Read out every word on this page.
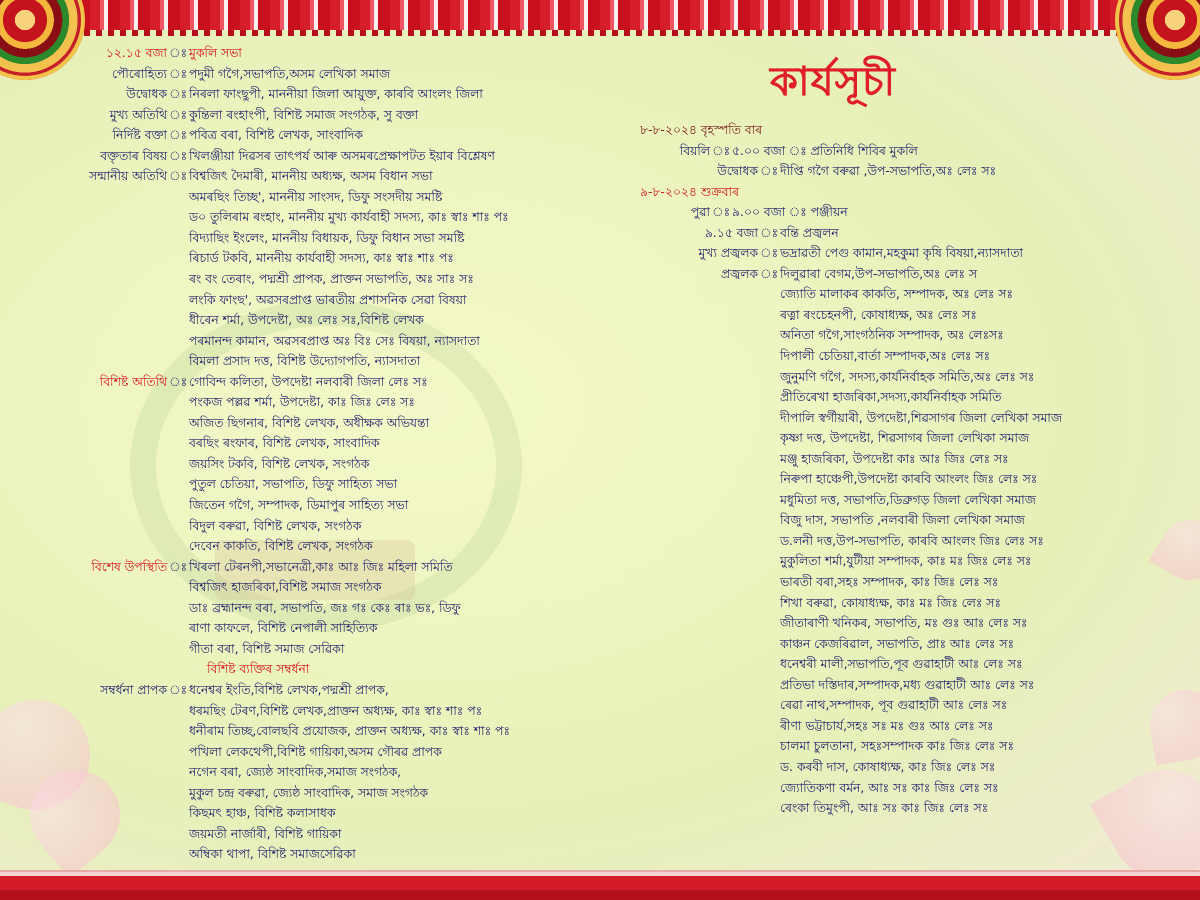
কাৰ্যসূচী
১২.১৫ বজা ঃ মুকলি সভা
পৌৰোহিত্য ঃ পদুমী গগৈ,সভাপতি,অসম লেখিকা সমাজ
উদ্বোধক ঃ নিৰলা ফাংছুপী, মাননীয়া জিলা আয়ুক্ত, কাৰবি আংলং জিলা
মুখ্য অতিথি ঃ কুন্তিলা ৰংহাংপী, বিশিষ্ট সমাজ সংগঠক, সু বক্তা
নিৰ্দিষ্ট বক্তা ঃ পবিত্ৰ বৰা, বিশিষ্ট লেখক, সাংবাদিক
বক্তৃতাৰ বিষয় ঃ খিলঞ্জীয়া দিৱসৰ তাৎপৰ্য আৰু অসমৰপ্ৰেক্ষাপটত ইয়াৰ বিশ্লেষণ
সন্মানীয় অতিথি ঃ বিশ্বজিৎ দৈমাৰী, মাননীয় অধ্যক্ষ, অসম বিধান সভা
অমৰছিং তিচ্ছ', মাননীয় সাংসদ, ডিফু সংসদীয় সমষ্টি
ড০ তুলিৰাম ৰংহাং, মাননীয় মুখ্য কাৰ্যবাহী সদস্য, কাঃ স্বাঃ শাঃ পঃ
বিদ্যাছিং ইংলেং, মাননীয় বিধায়ক, ডিফু বিধান সভা সমষ্টি
ৰিচাৰ্ড টকবি, মাননীয় কাৰ্যবাহী সদস্য, কাঃ স্বাঃ শাঃ পঃ
ৰং বং তেৰাং, পদ্মশ্ৰী প্ৰাপক, প্ৰাক্তন সভাপতি, অঃ সাঃ সঃ
লংকি ফাংছ', অৱসৰপ্ৰাপ্ত ভাৰতীয় প্ৰশাসনিক সেৱা বিষয়া
ধীৰেন শৰ্মা, উপদেষ্টা, অঃ লেঃ সঃ,বিশিষ্ট লেখক
পৰমানন্দ কামান, অৱসৰপ্ৰাপ্ত অঃ বিঃ সেঃ বিষয়া, ন্যাসদাতা
বিমলা প্ৰসাদ দত্ত, বিশিষ্ট উদ্যোগপতি, ন্যাসদাতা
বিশিষ্ট অতিথি ঃ গোবিন্দ কলিতা, উপদেষ্টা নলবাৰী জিলা লেঃ সঃ
পংকজ পল্লৱ শৰ্মা, উপদেষ্টা, কাঃ জিঃ লেঃ সঃ
অজিত ছিগনাৰ, বিশিষ্ট লেখক, অধীক্ষক অভিযন্তা
বৰছিং ৰংফাৰ, বিশিষ্ট লেখক, সাংবাদিক
জয়সিং টকবি, বিশিষ্ট লেখক, সংগঠক
পুতুল চেতিয়া, সভাপতি, ডিফু সাহিত্য সভা
জিতেন গগৈ, সম্পাদক, ডিমাপুৰ সাহিত্য সভা
বিদুল বৰুৱা, বিশিষ্ট লেখক, সংগঠক
দেবেন কাকতি, বিশিষ্ট লেখক, সংগঠক
বিশেষ উপস্থিতি ঃ খিৰলা টেৰনপী,সভানেত্ৰী,কাঃ আঃ জিঃ মহিলা সমিতি
বিশ্বজিৎ হাজৰিকা,বিশিষ্ট সমাজ সংগঠক
ডাঃ ব্ৰহ্মানন্দ বৰা, সভাপতি, জঃ গঃ কেঃ ৰাঃ ভঃ, ডিফু
ৰাণা কাফলে, বিশিষ্ট নেপালী সাহিত্যিক
গীতা বৰা, বিশিষ্ট সমাজ সেৱিকা
বিশিষ্ট ব্যক্তিৰ সম্বৰ্ধনা
সম্বৰ্ধনা প্ৰাপক ঃ ধনেশ্বৰ ইংতি,বিশিষ্ট লেখক,পদ্মশ্ৰী প্ৰাপক,
ধৰমছিং টেৰণ,বিশিষ্ট লেখক,প্ৰাক্তন অধ্যক্ষ, কাঃ স্বাঃ শাঃ পঃ
ধনীৰাম তিচ্ছ,বোলছবি প্ৰযোজক, প্ৰাক্তন অধ্যক্ষ, কাঃ স্বাঃ শাঃ পঃ
পখিলা লেকথেপী,বিশিষ্ট গায়িকা,অসম গৌৰৱ প্ৰাপক
নগেন বৰা, জ্যেষ্ঠ সাংবাদিক,সমাজ সংগঠক,
মুকুল চন্দ্ৰ বৰুৱা, জ্যেষ্ঠ সাংবাদিক, সমাজ সংগঠক
কিছমৎ হাঞ্চ, বিশিষ্ট কলাসাধক
জয়মতী নাৰ্জাৰী, বিশিষ্ট গায়িকা
অম্বিকা থাপা, বিশিষ্ট সমাজসেৱিকা
৮-৮-২০২৪ বৃহস্পতি বাৰ
বিয়লি ঃ ৫.০০ বজা ঃ প্ৰতিনিধি শিবিৰ মুকলি
উদ্বোধক ঃ দীপ্তি গগৈ বৰুৱা ,উপ-সভাপতি,অঃ লেঃ সঃ
৯-৮-২০২৪ শুক্ৰবাৰ
পুৱা ঃ ৯.০০ বজা ঃ পঞ্জীয়ন
৯.১৫ বজা ঃ বন্তি প্ৰজ্বলন
মুখ্য প্ৰজ্বলক ঃ ভদ্ৰাৱতী পেগু কামান,মহকুমা কৃষি বিষয়া,ন্যাসদাতা
প্ৰজ্বলক ঃ দিলুৱাৰা বেগম,উপ-সভাপতি,অঃ লেঃ স
জ্যোতি মালাকৰ কাকতি, সম্পাদক, অঃ লেঃ সঃ
ৰত্না ৰংচেহনপী, কোষাধ্যক্ষ, অঃ লেঃ সঃ
অনিতা গগৈ,সাংগঠনিক সম্পাদক, অঃ লেঃসঃ
দিপালী চেতিয়া,বাৰ্তা সম্পাদক,অঃ লেঃ সঃ
জুনুমণি গগৈ, সদস্য,কাৰ্যনিৰ্বাহক সমিতি,অঃ লেঃ সঃ
প্ৰীতিৰেখা হাজৰিকা,সদস্য,কাৰ্যনিৰ্বাহক সমিতি
দীপালি স্বৰ্গীয়াৰী, উপদেষ্টা,শিৱসাগৰ জিলা লেখিকা সমাজ
কৃষ্ণা দত্ত, উপদেষ্টা, শিৱসাগৰ জিলা লেখিকা সমাজ
মঞ্জু হাজৰিকা, উপদেষ্টা কাঃ আঃ জিঃ লেঃ সঃ
নিৰুপা হাঞ্চেপী,উপদেষ্টা কাৰবি আংলং জিঃ লেঃ সঃ
মধুমিতা দত্ত, সভাপতি,ডিব্ৰুগড় জিলা লেখিকা সমাজ
বিজু দাস, সভাপতি ,নলবাৰী জিলা লেখিকা সমাজ
ড.লনী দত্ত,উপ-সভাপতি, কাৰবি আংলং জিঃ লেঃ সঃ
মুকুলিতা শৰ্মা,যুটীয়া সম্পাদক, কাঃ মঃ জিঃ লেঃ সঃ
ভাৰতী বৰা,সহঃ সম্পাদক, কাঃ জিঃ লেঃ সঃ
শিখা বৰুৱা, কোষাধ্যক্ষ, কাঃ মঃ জিঃ লেঃ সঃ
জীতাৰাণী খনিকৰ, সভাপতি, মঃ গুঃ আঃ লেঃ সঃ
কাঞ্চন কেজৰিৱাল, সভাপতি, প্ৰাঃ আঃ লেঃ সঃ
ধনেশ্বৰী মালী,সভাপতি,পূব গুৱাহাটী আঃ লেঃ সঃ
প্ৰতিভা দস্তিদাৰ,সম্পাদক,মধ্য গুৱাহাটী আঃ লেঃ সঃ
ৰেৱা নাথ,সম্পাদক, পূব গুৱাহাটী আঃ লেঃ সঃ
ৰীণা ভট্টাচাৰ্য,সহঃ সঃ মঃ গুঃ আঃ লেঃ সঃ
চালমা চুলতানা, সহঃসম্পাদক কাঃ জিঃ লেঃ সঃ
ড. কৰবী দাস, কোষাধ্যক্ষ, কাঃ জিঃ লেঃ সঃ
জ্যোতিকণা বৰ্মন, আঃ সঃ কাঃ জিঃ লেঃ সঃ
ৰেংকা তিমুংপী, আঃ সঃ কাঃ জিঃ লেঃ সঃ
